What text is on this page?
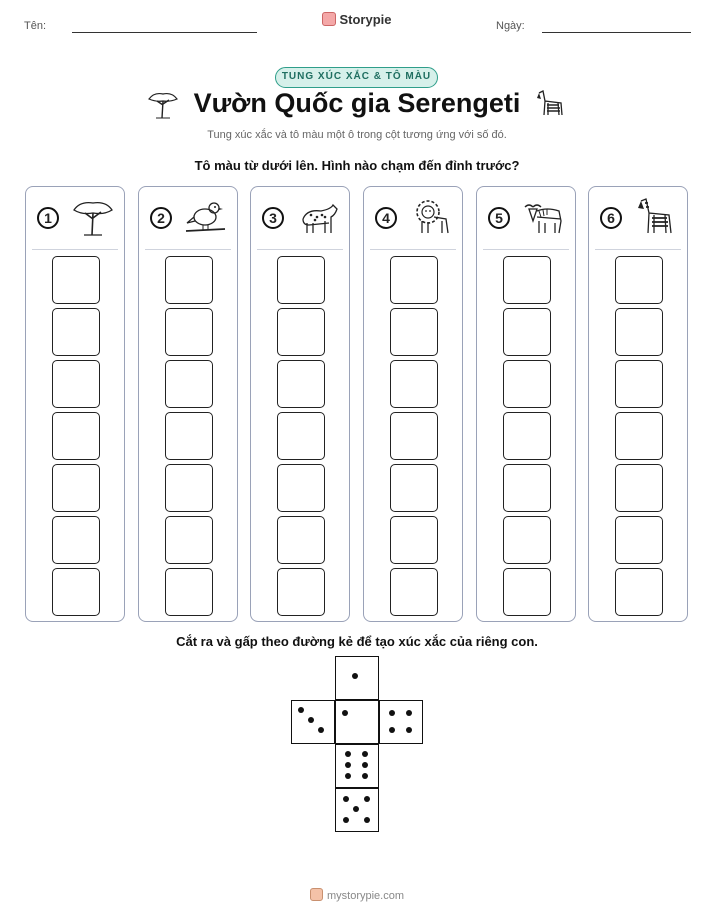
Tên:	Storypie	Ngày:
TUNG XÚC XẮC & TÔ MÀU
Vườn Quốc gia Serengeti
Tung xúc xắc và tô màu một ô trong cột tương ứng với số đó.
Tô màu từ dưới lên. Hình nào chạm đến đỉnh trước?
1	2	3	4	5	6
Cắt ra và gấp theo đường kẻ để tạo xúc xắc của riêng con.
mystorypie.com
